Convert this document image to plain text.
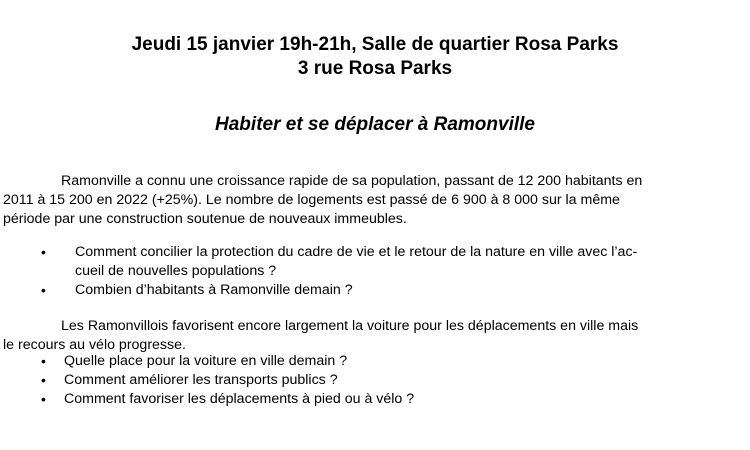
Jeudi 15 janvier 19h-21h, Salle de quartier Rosa Parks
3 rue Rosa Parks
Habiter et se déplacer à Ramonville
Ramonville a connu une croissance rapide de sa population, passant de 12 200 habitants en
2011 à 15 200 en 2022 (+25%). Le nombre de logements est passé de 6 900 à 8 000 sur la même
période par une construction soutenue de nouveaux immeubles.
•	Comment concilier la protection du cadre de vie et le retour de la nature en ville avec l’ac-
cueil de nouvelles populations ?
•	Combien d’habitants à Ramonville demain ?
Les Ramonvillois favorisent encore largement la voiture pour les déplacements en ville mais
le recours au vélo progresse.
•	Quelle place pour la voiture en ville demain ?
•	Comment améliorer les transports publics ?
•	Comment favoriser les déplacements à pied ou à vélo ?
